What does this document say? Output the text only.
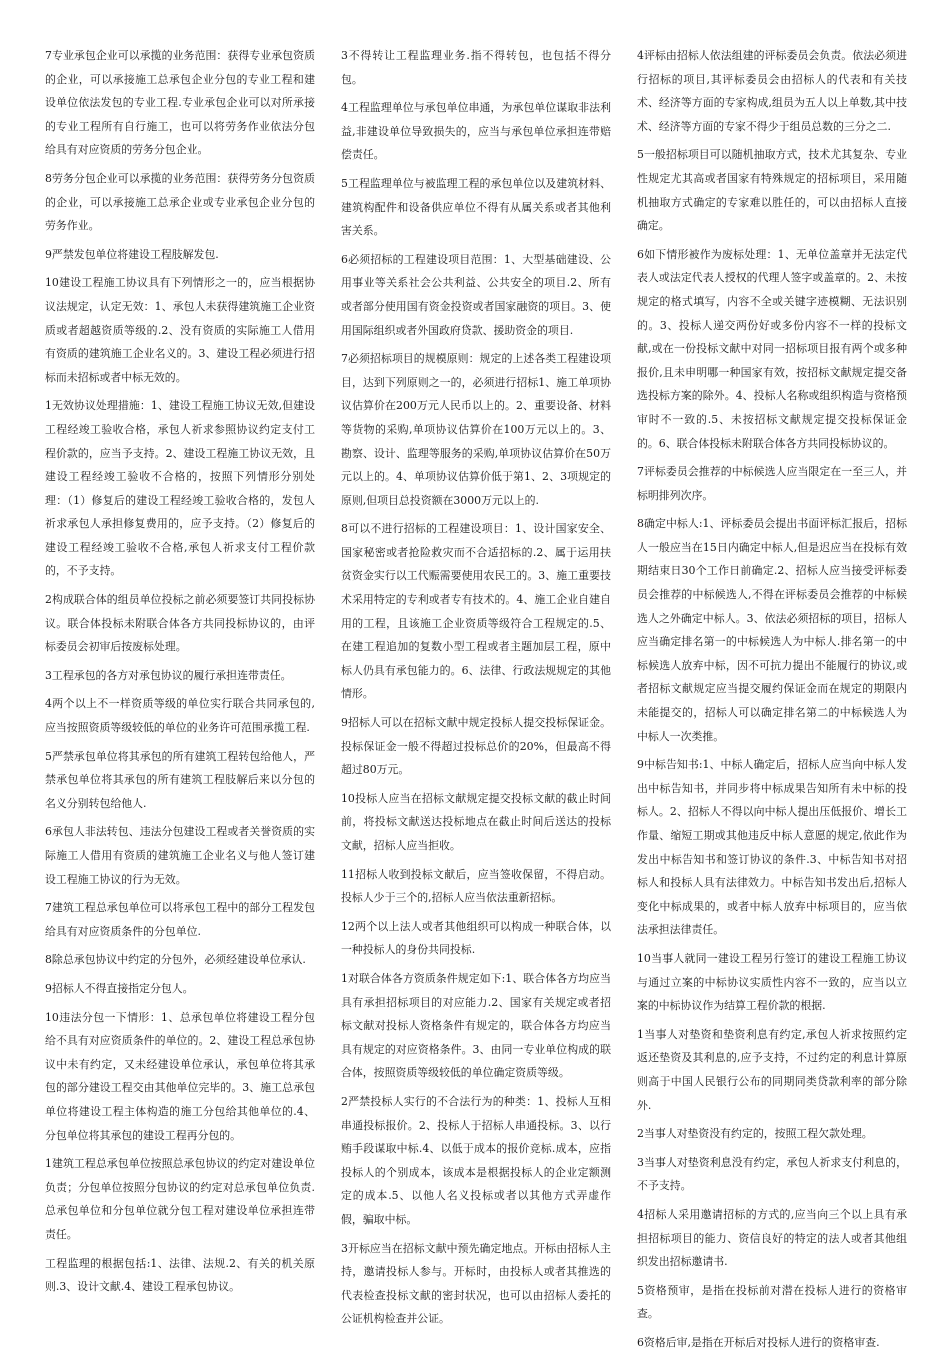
7专业承包企业可以承揽的业务范围：获得专业承包资质的企业，可以承接施工总承包企业分包的专业工程和建设单位依法发包的专业工程.专业承包企业可以对所承接的专业工程所有自行施工，也可以将劳务作业依法分包给具有对应资质的劳务分包企业。

8劳务分包企业可以承揽的业务范围：获得劳务分包资质的企业，可以承接施工总承企业或专业承包企业分包的劳务作业。

9严禁发包单位将建设工程肢解发包.

10建设工程施工协议具有下列情形之一的，应当根据协议法规定，认定无效：1、承包人未获得建筑施工企业资质或者超越资质等级的.2、没有资质的实际施工人借用有资质的建筑施工企业名义的。3、建设工程必须进行招标而未招标或者中标无效的。

1无效协议处理措施：1、建设工程施工协议无效,但建设工程经竣工验收合格，承包人祈求参照协议约定支付工程价款的，应当予支持。2、建设工程施工协议无效，且建设工程经竣工验收不合格的，按照下列情形分别处理：（1）修复后的建设工程经竣工验收合格的，发包人祈求承包人承担修复费用的，应予支持。（2）修复后的建设工程经竣工验收不合格,承包人祈求支付工程价款的，不予支持。

2构成联合体的组员单位投标之前必须要签订共同投标协议。联合体投标未附联合体各方共同投标协议的，由评标委员会初审后按废标处理。

3工程承包的各方对承包协议的履行承担连带责任。

4两个以上不一样资质等级的单位实行联合共同承包的,应当按照资质等级较低的单位的业务许可范围承揽工程.

5严禁承包单位将其承包的所有建筑工程转包给他人，严禁承包单位将其承包的所有建筑工程肢解后来以分包的名义分别转包给他人.

6承包人非法转包、违法分包建设工程或者关誉资质的实际施工人借用有资质的建筑施工企业名义与他人签订建设工程施工协议的行为无效。

7建筑工程总承包单位可以将承包工程中的部分工程发包给具有对应资质条件的分包单位.

8除总承包协议中约定的分包外，必须经建设单位承认.

9招标人不得直接指定分包人。

10违法分包一下情形：1、总承包单位将建设工程分包给不具有对应资质条件的单位的。2、建设工程总承包协议中未有约定，又未经建设单位承认，承包单位将其承包的部分建设工程交由其他单位完毕的。3、施工总承包单位将建设工程主体构造的施工分包给其他单位的.4、分包单位将其承包的建设工程再分包的。

1建筑工程总承包单位按照总承包协议的约定对建设单位负责；分包单位按照分包协议的约定对总承包单位负责.总承包单位和分包单位就分包工程对建设单位承担连带责任。

工程监理的根据包括:1、法律、法规.2、有关的机关原则.3、设计文献.4、建设工程承包协议。

3不得转让工程监理业务.指不得转包，也包括不得分包。

4工程监理单位与承包单位串通，为承包单位谋取非法利益,非建设单位导致损失的，应当与承包单位承担连带赔偿责任。

5工程监理单位与被监理工程的承包单位以及建筑材料、建筑构配件和设备供应单位不得有从属关系或者其他利害关系。

6必须招标的工程建设项目范围：1、大型基础建设、公用事业等关系社会公共利益、公共安全的项目.2、所有或者部分使用国有资金投资或者国家融资的项目。3、使用国际组织或者外国政府贷款、援助资金的项目.

7必须招标项目的规模原则：规定的上述各类工程建设项目，达到下列原则之一的，必须进行招标1、施工单项协议估算价在200万元人民币以上的。2、重要设备、材料等货物的采购,单项协议估算价在100万元以上的。3、勘察、设计、监理等服务的采购,单项协议估算价在50万元以上的。4、单项协议估算价低于第1、2、3项规定的原则,但项目总投资额在3000万元以上的.

8可以不进行招标的工程建设项目：1、设计国家安全、国家秘密或者抢险救灾而不合适招标的.2、属于运用扶贫资金实行以工代赈需要使用农民工的。3、施工重要技术采用特定的专利或者专有技术的。4、施工企业自建自用的工程，且该施工企业资质等级符合工程规定的.5、在建工程追加的复数小型工程或者主题加层工程，原中标人仍具有承包能力的。6、法律、行政法规规定的其他情形。

9招标人可以在招标文献中规定投标人提交投标保证金。投标保证金一般不得超过投标总价的20%，但最高不得超过80万元。

10投标人应当在招标文献规定提交投标文献的截止时间前，将投标文献送达投标地点在截止时间后送达的投标文献，招标人应当拒收。

11招标人收到投标文献后，应当签收保留，不得启动。投标人少于三个的,招标人应当依法重新招标。

12两个以上法人或者其他组织可以构成一种联合体，以一种投标人的身份共同投标.

1对联合体各方资质条件规定如下:1、联合体各方均应当具有承担招标项目的对应能力.2、国家有关规定或者招标文献对投标人资格条件有规定的，联合体各方均应当具有规定的对应资格条件。3、由同一专业单位构成的联合体，按照资质等级较低的单位确定资质等级。

2严禁投标人实行的不合法行为的种类：1、投标人互相串通投标报价。2、投标人于招标人串通投标。3、以行贿手段谋取中标.4、以低于成本的报价竞标.成本，应指投标人的个别成本，该成本是根据投标人的企业定额测定的成本.5、以他人名义投标或者以其他方式弄虚作假，骗取中标。

3开标应当在招标文献中预先确定地点。开标由招标人主持，邀请投标人参与。开标时，由投标人或者其推选的代表检查投标文献的密封状况，也可以由招标人委托的公证机构检查并公证。

4评标由招标人依法组建的评标委员会负责。依法必须进行招标的项目,其评标委员会由招标人的代表和有关技术、经济等方面的专家构成,组员为五人以上单数,其中技术、经济等方面的专家不得少于组员总数的三分之二.

5一般招标项目可以随机抽取方式，技术尤其复杂、专业性规定尤其高或者国家有特殊规定的招标项目，采用随机抽取方式确定的专家难以胜任的，可以由招标人直接确定。

6如下情形被作为废标处理：1、无单位盖章并无法定代表人或法定代表人授权的代理人签字或盖章的。2、未按规定的格式填写，内容不全或关键字迹模糊、无法识别的。3、投标人递交两份好或多份内容不一样的投标文献,或在一份投标文献中对同一招标项目报有两个或多种报价,且未申明哪一种国家有效，按招标文献规定提交备选投标方案的除外。4、投标人名称或组织构造与资格预审时不一致的.5、未按招标文献规定提交投标保证金的。6、联合体投标未附联合体各方共同投标协议的。

7评标委员会推荐的中标候选人应当限定在一至三人，并标明排列次序。

8确定中标人:1、评标委员会提出书面评标汇报后，招标人一般应当在15日内确定中标人,但是迟应当在投标有效期结束日30个工作日前确定.2、招标人应当接受评标委员会推荐的中标候选人,不得在评标委员会推荐的中标候选人之外确定中标人。3、依法必须招标的项目，招标人应当确定排名第一的中标候选人为中标人.排名第一的中标候选人放弃中标，因不可抗力提出不能履行的协议,或者招标文献规定应当提交履约保证金而在规定的期限内未能提交的，招标人可以确定排名第二的中标候选人为中标人一次类推。

9中标告知书:1、中标人确定后，招标人应当向中标人发出中标告知书，并同步将中标成果告知所有未中标的投标人。2、招标人不得以向中标人提出压低报价、增长工作量、缩短工期或其他违反中标人意愿的规定,依此作为发出中标告知书和签订协议的条件.3、中标告知书对招标人和投标人具有法律效力。中标告知书发出后,招标人变化中标成果的，或者中标人放弃中标项目的，应当依法承担法律责任。

10当事人就同一建设工程另行签订的建设工程施工协议与通过立案的中标协议实质性内容不一致的，应当以立案的中标协议作为结算工程价款的根据.

1当事人对垫资和垫资利息有约定,承包人祈求按照约定返还垫资及其利息的,应予支持，不过约定的利息计算原则高于中国人民银行公布的同期同类贷款利率的部分除外.

2当事人对垫资没有约定的，按照工程欠款处理。

3当事人对垫资利息没有约定，承包人祈求支付利息的，不予支持。

4招标人采用邀请招标的方式的,应当向三个以上具有承担招标项目的能力、资信良好的特定的法人或者其他组织发出招标邀请书.

5资格预审，是指在投标前对潜在投标人进行的资格审查。

6资格后审,是指在开标后对投标人进行的资格审查.
